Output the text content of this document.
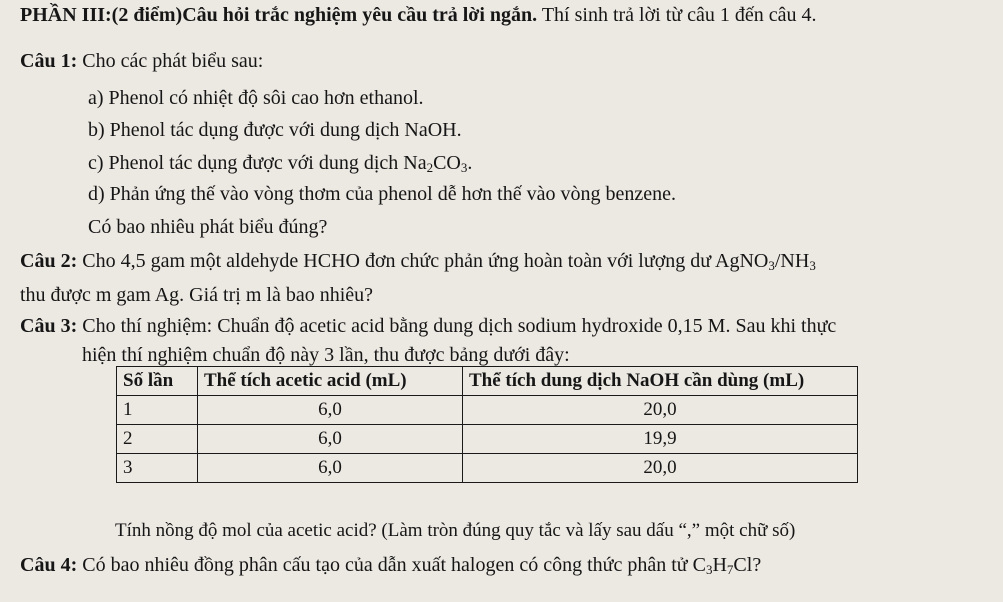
PHẦN III:(2 điểm)Câu hỏi trắc nghiệm yêu cầu trả lời ngắn. Thí sinh trả lời từ câu 1 đến câu 4.
Câu 1: Cho các phát biểu sau:
a) Phenol có nhiệt độ sôi cao hơn ethanol.
b) Phenol tác dụng được với dung dịch NaOH.
c) Phenol tác dụng được với dung dịch $Na_2CO_3$.
d) Phản ứng thế vào vòng thơm của phenol dễ hơn thế vào vòng benzene.
Có bao nhiêu phát biểu đúng?
Câu 2: Cho 4,5 gam một aldehyde HCHO đơn chức phản ứng hoàn toàn với lượng dư $AgNO_3/NH_3$
thu được m gam Ag. Giá trị m là bao nhiêu?
Câu 3: Cho thí nghiệm: Chuẩn độ acetic acid bằng dung dịch sodium hydroxide 0,15 M. Sau khi thực
hiện thí nghiệm chuẩn độ này 3 lần, thu được bảng dưới đây:
Số lần	Thể tích acetic acid (mL)	Thể tích dung dịch NaOH cần dùng (mL)
1	6,0	20,0
2	6,0	19,9
3	6,0	20,0
Tính nồng độ mol của acetic acid? (Làm tròn đúng quy tắc và lấy sau dấu “,” một chữ số)
Câu 4: Có bao nhiêu đồng phân cấu tạo của dẫn xuất halogen có công thức phân tử $C_3H_7Cl$?
